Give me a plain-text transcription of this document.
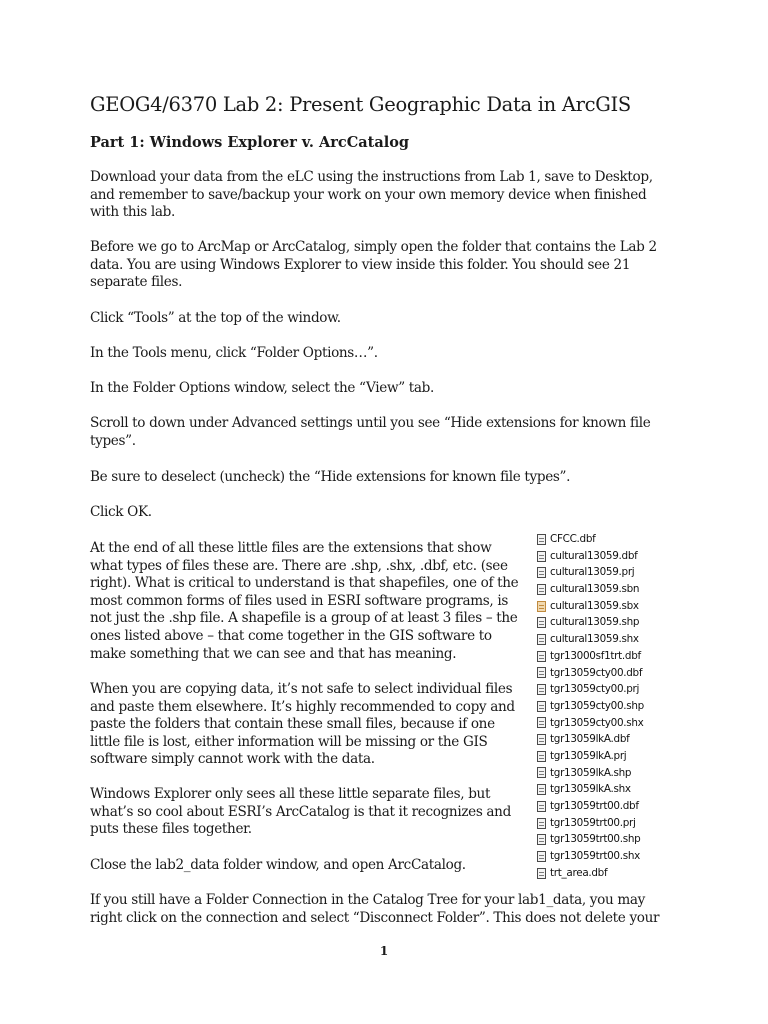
GEOG4/6370 Lab 2: Present Geographic Data in ArcGIS
Part 1: Windows Explorer v. ArcCatalog

Download your data from the eLC using the instructions from Lab 1, save to Desktop, and remember to save/backup your work on your own memory device when finished with this lab.

Before we go to ArcMap or ArcCatalog, simply open the folder that contains the Lab 2 data. You are using Windows Explorer to view inside this folder. You should see 21 separate files.

Click “Tools” at the top of the window.

In the Tools menu, click “Folder Options…”.

In the Folder Options window, select the “View” tab.

Scroll to down under Advanced settings until you see “Hide extensions for known file types”.

Be sure to deselect (uncheck) the “Hide extensions for known file types”.

Click OK.

At the end of all these little files are the extensions that show what types of files these are. There are .shp, .shx, .dbf, etc. (see right). What is critical to understand is that shapefiles, one of the most common forms of files used in ESRI software programs, is not just the .shp file. A shapefile is a group of at least 3 files – the ones listed above – that come together in the GIS software to make something that we can see and that has meaning.

When you are copying data, it’s not safe to select individual files and paste them elsewhere. It’s highly recommended to copy and paste the folders that contain these small files, because if one little file is lost, either information will be missing or the GIS software simply cannot work with the data.

Windows Explorer only sees all these little separate files, but what’s so cool about ESRI’s ArcCatalog is that it recognizes and puts these files together.

Close the lab2_data folder window, and open ArcCatalog.

If you still have a Folder Connection in the Catalog Tree for your lab1_data, you may right click on the connection and select “Disconnect Folder”. This does not delete your

CFCC.dbf
cultural13059.dbf
cultural13059.prj
cultural13059.sbn
cultural13059.sbx
cultural13059.shp
cultural13059.shx
tgr13000sf1trt.dbf
tgr13059cty00.dbf
tgr13059cty00.prj
tgr13059cty00.shp
tgr13059cty00.shx
tgr13059lkA.dbf
tgr13059lkA.prj
tgr13059lkA.shp
tgr13059lkA.shx
tgr13059trt00.dbf
tgr13059trt00.prj
tgr13059trt00.shp
tgr13059trt00.shx
trt_area.dbf

1
